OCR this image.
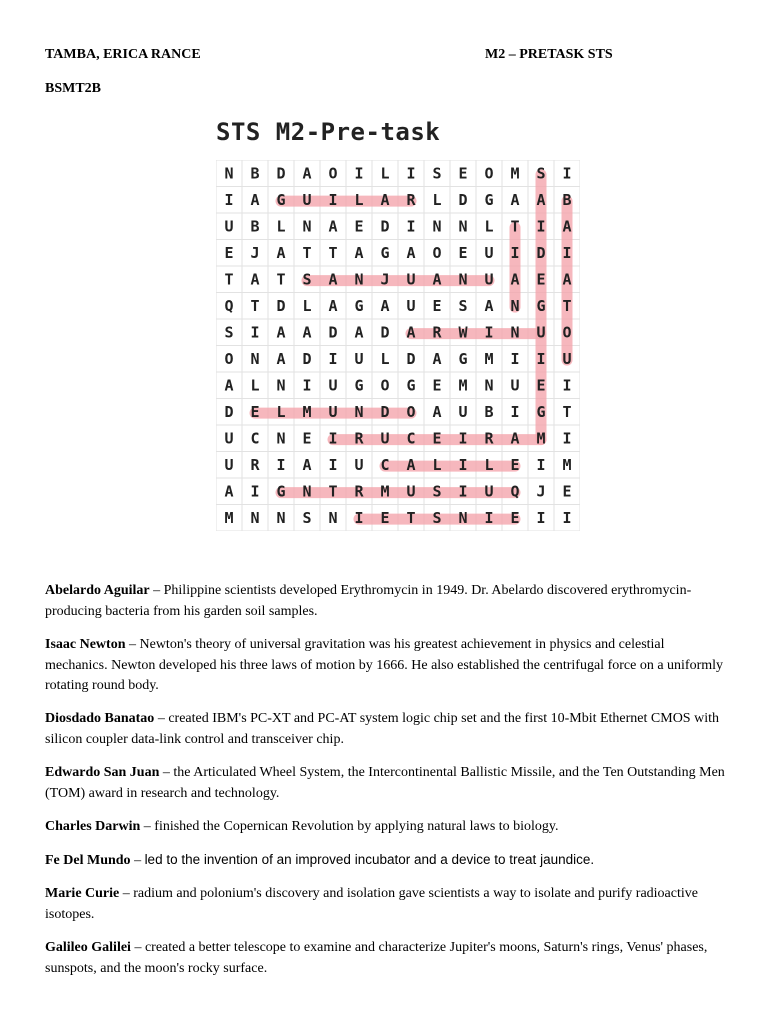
TAMBA, ERICA RANCE	M2 – PRETASK STS
BSMT2B
STS M2-Pre-task
N B D A O I L I S E O M S I
I A G U I L A R L D G A A B
U B L N A E D I N N L T I A
E J A T T A G A O E U I D I
T A T S A N J U A N U A E A
Q T D L A G A U E S A N G T
S I A A D A D A R W I N U O
O N A D I U L D A G M I I U
A L N I U G O G E M N U E I
D E L M U N D O A U B I G T
U C N E I R U C E I R A M I
U R I A I U C A L I L E I M
A I G N T R M U S I U Q J E
M N N S N I E T S N I E I I
Abelardo Aguilar – Philippine scientists developed Erythromycin in 1949. Dr. Abelardo discovered erythromycin-producing bacteria from his garden soil samples.
Isaac Newton – Newton's theory of universal gravitation was his greatest achievement in physics and celestial mechanics. Newton developed his three laws of motion by 1666. He also established the centrifugal force on a uniformly rotating round body.
Diosdado Banatao – created IBM's PC-XT and PC-AT system logic chip set and the first 10-Mbit Ethernet CMOS with silicon coupler data-link control and transceiver chip.
Edwardo San Juan – the Articulated Wheel System, the Intercontinental Ballistic Missile, and the Ten Outstanding Men (TOM) award in research and technology.
Charles Darwin – finished the Copernican Revolution by applying natural laws to biology.
Fe Del Mundo – led to the invention of an improved incubator and a device to treat jaundice.
Marie Curie – radium and polonium's discovery and isolation gave scientists a way to isolate and purify radioactive isotopes.
Galileo Galilei – created a better telescope to examine and characterize Jupiter's moons, Saturn's rings, Venus' phases, sunspots, and the moon's rocky surface.
